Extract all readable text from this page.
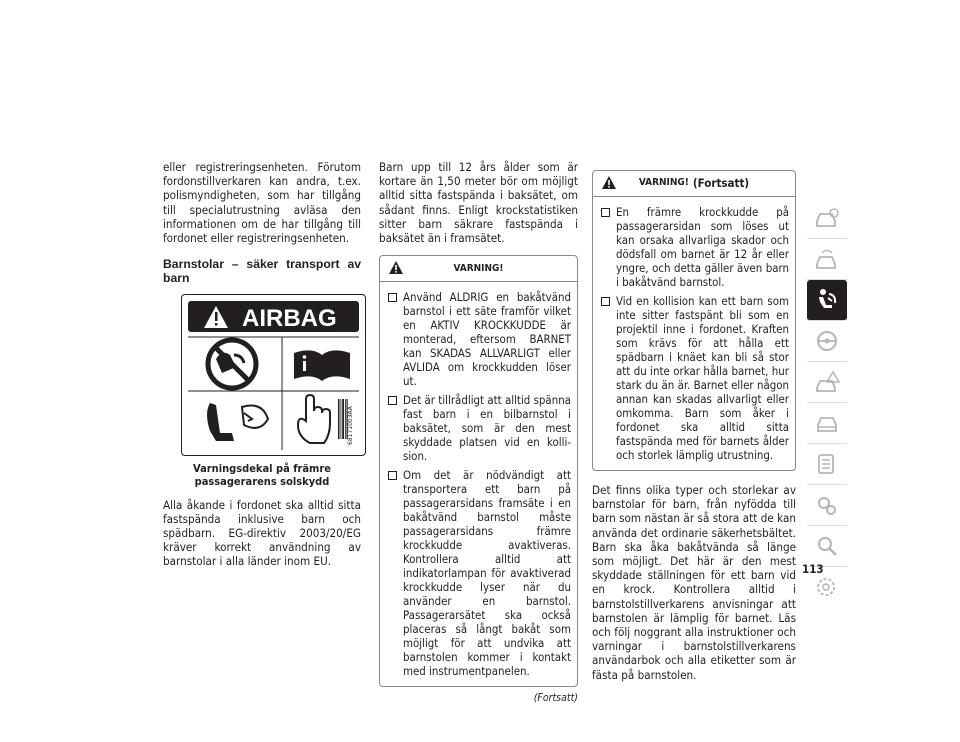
eller registreringsenheten. Förutom fordonstillverkaren kan andra, t.ex. polismyndigheten, som har tillgång till specialutrustning avläsa den informationen om de har tillgång till fordonet eller registreringsenheten.

Barnstolar – säker transport av barn
AIRBAG
68171003AA
Varningsdekal på främre passagerarens solskydd

Alla åkande i fordonet ska alltid sitta fastspända inklusive barn och spädbarn. EG-direktiv 2003/20/EG kräver korrekt användning av barnstolar i alla länder inom EU.

Barn upp till 12 års ålder som är kortare än 1,50 meter bör om möjligt alltid sitta fastspända i baksätet, om sådant finns. Enligt krockstatistiken sitter barn säkrare fastspända i baksätet än i framsätet.

VARNING!
Använd ALDRIG en bakåtvänd barnstol i ett säte framför vilket en AKTIV KROCKKUDDE är monterad, eftersom BARNET kan SKADAS ALLVARLIGT eller AVLIDA om krockkudden löser ut.
Det är tillrådligt att alltid spänna fast barn i en bilbarnstol i baksätet, som är den mest skyddade platsen vid en kollision.
Om det är nödvändigt att transportera ett barn på passagerarsidans framsäte i en bakåtvänd barnstol måste passagerarsidans främre krockkudde avaktiveras. Kontrollera alltid att indikatorlampan för avaktiverad krockkudde lyser när du använder en barnstol. Passagerarsätet ska också placeras så långt bakåt som möjligt för att undvika att barnstolen kommer i kontakt med instrumentpanelen.
(Fortsatt)
VARNING! (Fortsatt)
En främre krockkudde på passagerarsidan som löses ut kan orsaka allvarliga skador och dödsfall om barnet är 12 år eller yngre, och detta gäller även barn i bakåtvänd barnstol.
Vid en kollision kan ett barn som inte sitter fastspänt bli som en projektil inne i fordonet. Kraften som krävs för att hålla ett spädbarn i knäet kan bli så stor att du inte orkar hålla barnet, hur stark du än är. Barnet eller någon annan kan skadas allvarligt eller omkomma. Barn som åker i fordonet ska alltid sitta fastspända med för barnets ålder och storlek lämplig utrustning.

Det finns olika typer och storlekar av barnstolar för barn, från nyfödda till barn som nästan är så stora att de kan använda det ordinarie säkerhetsbältet. Barn ska åka bakåtvända så länge som möjligt. Det här är den mest skyddade ställningen för ett barn vid en krock. Kontrollera alltid i barnstolstillverkarens anvisningar att barnstolen är lämplig för barnet. Läs och följ noggrant alla instruktioner och varningar i barnstolstillverkarens användarbok och alla etiketter som är fästa på barnstolen.

113
